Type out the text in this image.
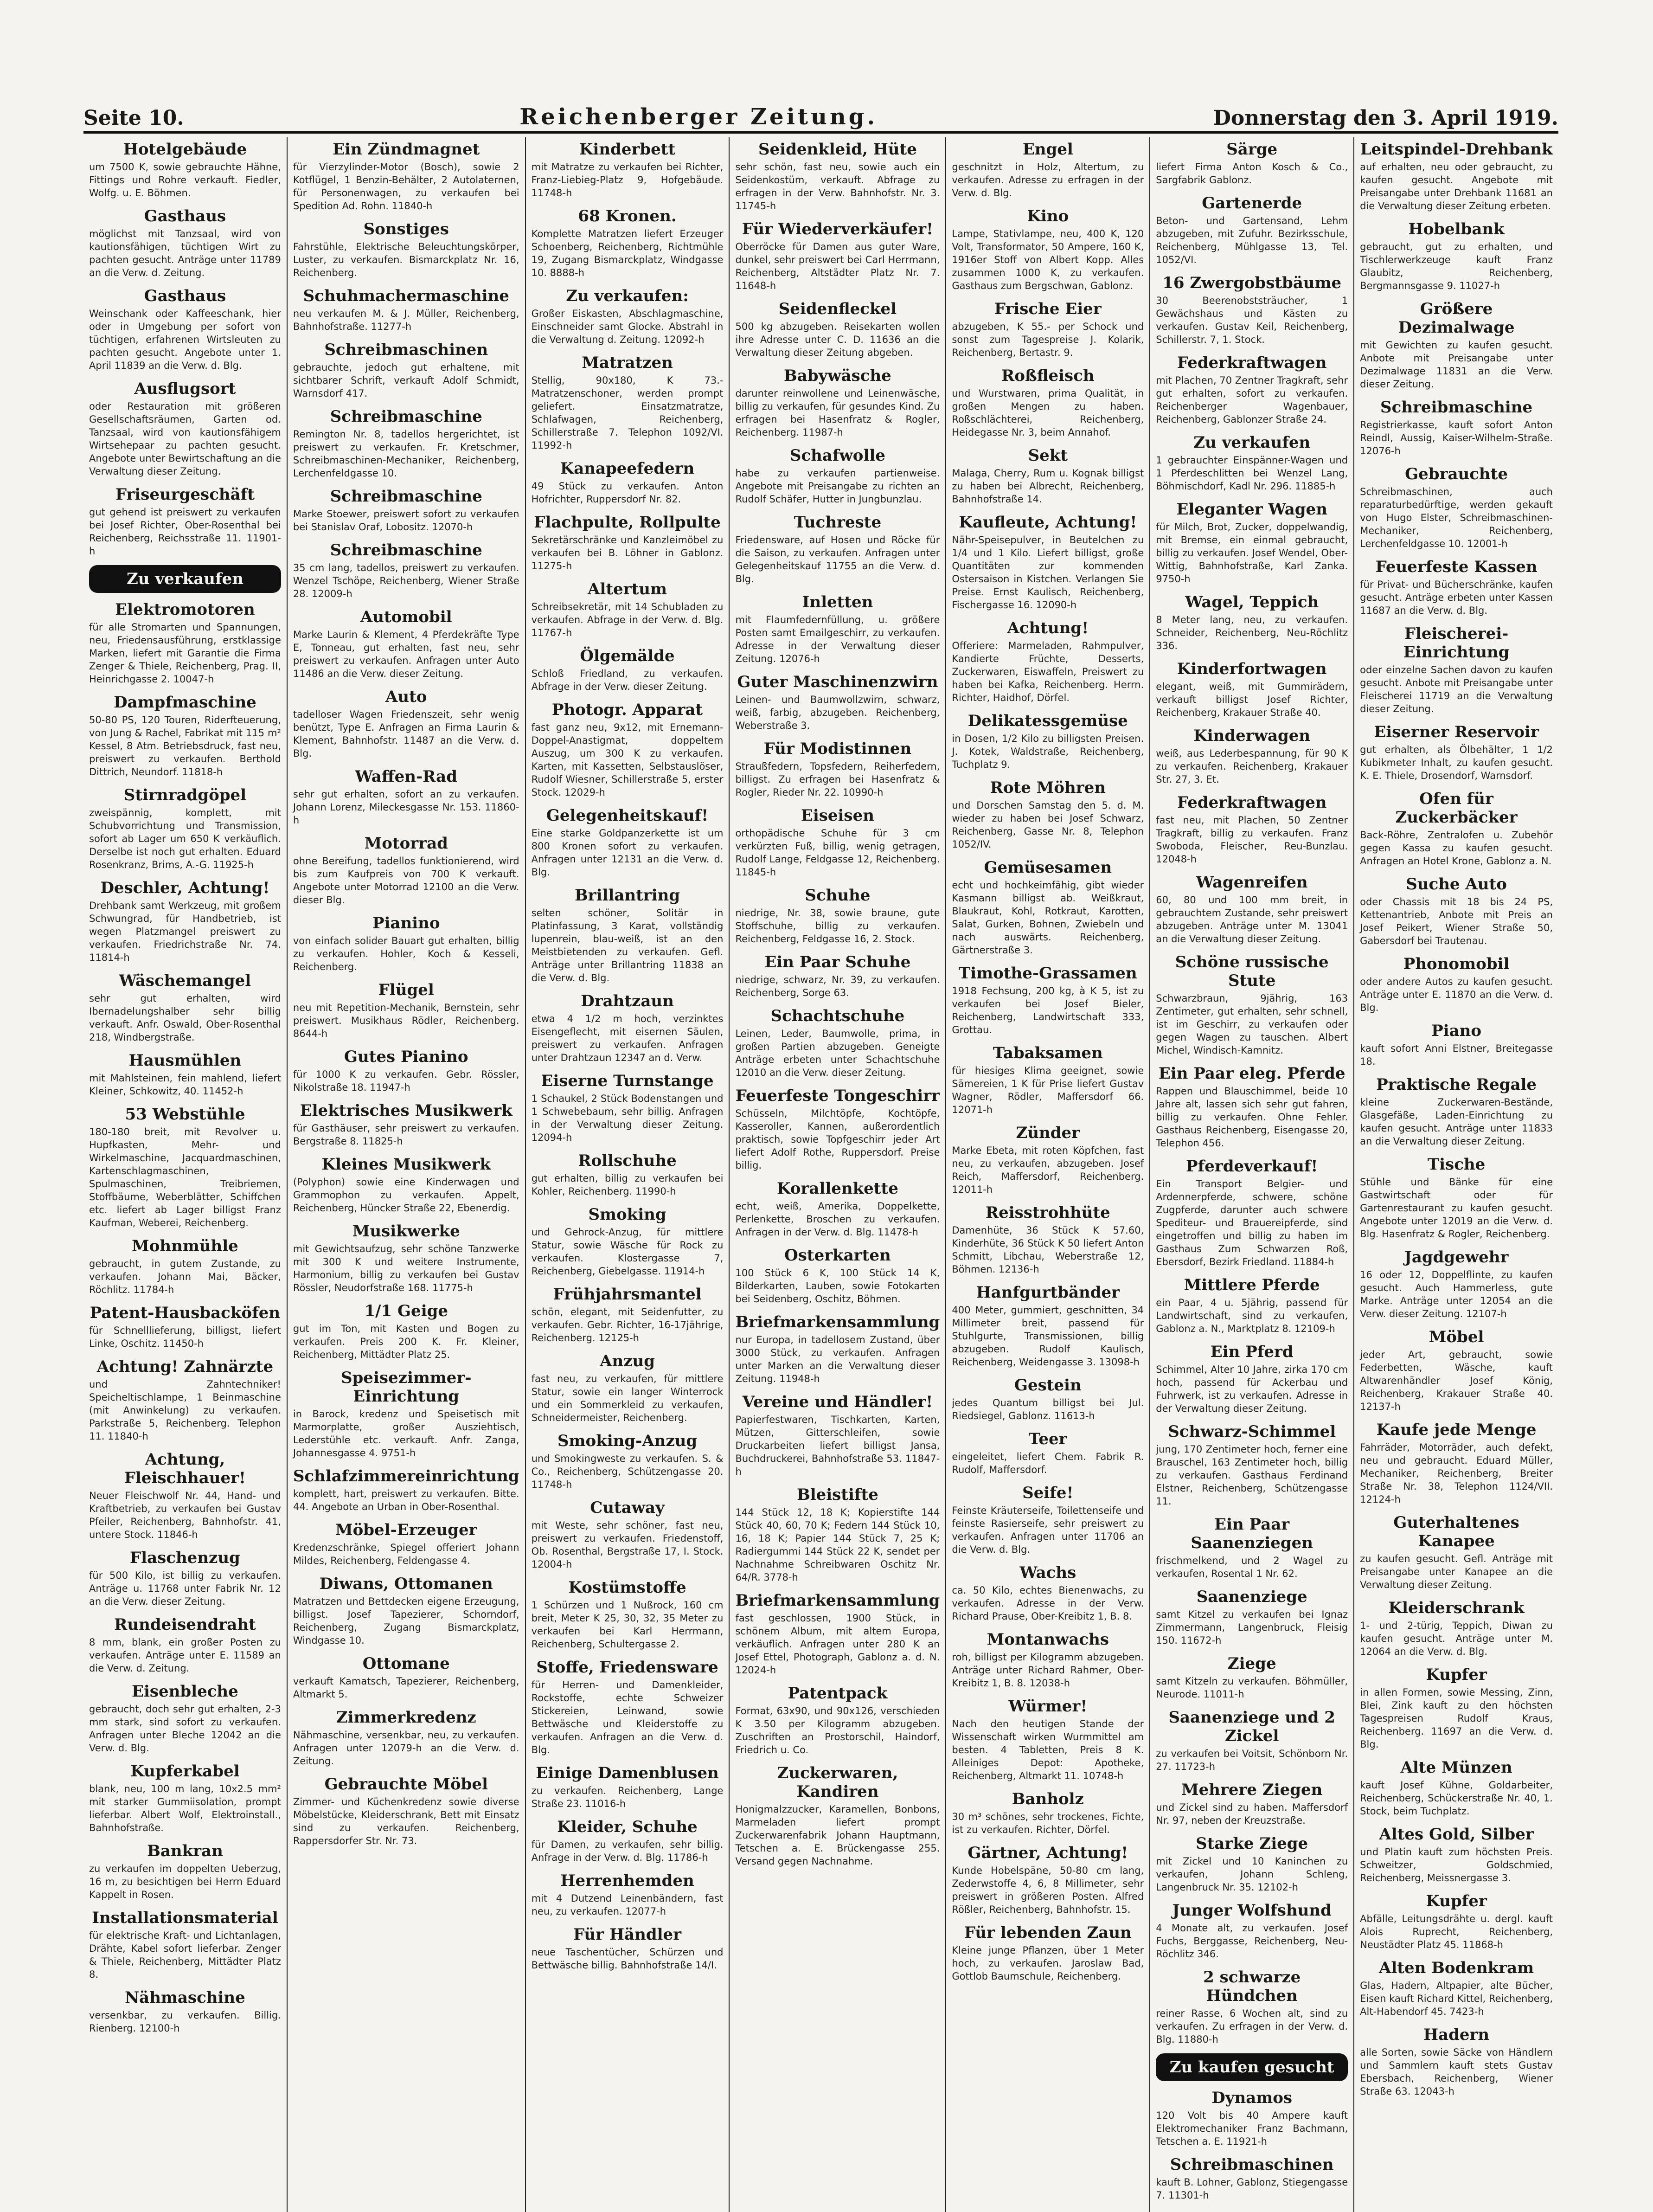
Seite 10.	Reichenberger Zeitung.	Donnerstag den 3. April 1919.
Hotelgebäude

um 7500 K, sowie gebrauchte Hähne, Fittings und Rohre verkauft. Fiedler, Wolfg. u. E. Böhmen.

Gasthaus

möglichst mit Tanzsaal, wird von kautionsfähigen, tüchtigen Wirt zu pachten gesucht. Anträge unter 11789 an die Verw. d. Zeitung.

Gasthaus

Weinschank oder Kaffeeschank, hier oder in Umgebung per sofort von tüchtigen, erfahrenen Wirtsleuten zu pachten gesucht. Angebote unter 1. April 11839 an die Verw. d. Blg.

Ausflugsort

oder Restauration mit größeren Gesellschaftsräumen, Garten od. Tanzsaal, wird von kautionsfähigem Wirtsehepaar zu pachten gesucht. Angebote unter Bewirtschaftung an die Verwaltung dieser Zeitung.

Friseurgeschäft

gut gehend ist preiswert zu verkaufen bei Josef Richter, Ober-Rosenthal bei Reichenberg, Reichsstraße 11. 11901-h

Zu verkaufen
Elektromotoren

für alle Stromarten und Spannungen, neu, Friedensausführung, erstklassige Marken, liefert mit Garantie die Firma Zenger & Thiele, Reichenberg, Prag. II, Heinrichgasse 2. 10047-h

Dampfmaschine

50-80 PS, 120 Touren, Riderfteuerung, von Jung & Rachel, Fabrikat mit 115 m² Kessel, 8 Atm. Betriebsdruck, fast neu, preiswert zu verkaufen. Berthold Dittrich, Neundorf. 11818-h

Stirnradgöpel

zweispännig, komplett, mit Schubvorrichtung und Transmission, sofort ab Lager um 650 K verkäuflich. Derselbe ist noch gut erhalten. Eduard Rosenkranz, Brims, A.-G. 11925-h

Deschler, Achtung!

Drehbank samt Werkzeug, mit großem Schwungrad, für Handbetrieb, ist wegen Platzmangel preiswert zu verkaufen. Friedrichstraße Nr. 74. 11814-h

Wäschemangel

sehr gut erhalten, wird Ibernadelungshalber sehr billig verkauft. Anfr. Oswald, Ober-Rosenthal 218, Windbergstraße.

Hausmühlen

mit Mahlsteinen, fein mahlend, liefert Kleiner, Schkowitz, 40. 11452-h

53 Webstühle

180-180 breit, mit Revolver u. Hupfkasten, Mehr- und Wirkelmaschine, Jacquardmaschinen, Kartenschlagmaschinen, Spulmaschinen, Treibriemen, Stoffbäume, Weberblätter, Schiffchen etc. liefert ab Lager billigst Franz Kaufman, Weberei, Reichenberg.

Mohnmühle

gebraucht, in gutem Zustande, zu verkaufen. Johann Mai, Bäcker, Röchlitz. 11784-h

Patent-Hausbacköfen

für Schnelllieferung, billigst, liefert Linke, Oschitz. 11450-h

Achtung! Zahnärzte

und Zahntechniker! Speicheltischlampe, 1 Beinmaschine (mit Anwinkelung) zu verkaufen. Parkstraße 5, Reichenberg. Telephon 11. 11840-h

Achtung, Fleischhauer!

Neuer Fleischwolf Nr. 44, Hand- und Kraftbetrieb, zu verkaufen bei Gustav Pfeiler, Reichenberg, Bahnhofstr. 41, untere Stock. 11846-h

Flaschenzug

für 500 Kilo, ist billig zu verkaufen. Anträge u. 11768 unter Fabrik Nr. 12 an die Verw. dieser Zeitung.

Rundeisendraht

8 mm, blank, ein großer Posten zu verkaufen. Anträge unter E. 11589 an die Verw. d. Zeitung.

Eisenbleche

gebraucht, doch sehr gut erhalten, 2-3 mm stark, sind sofort zu verkaufen. Anfragen unter Bleche 12042 an die Verw. d. Blg.

Kupferkabel

blank, neu, 100 m lang, 10x2.5 mm² mit starker Gummiisolation, prompt lieferbar. Albert Wolf, Elektroinstall., Bahnhofstraße.

Bankran

zu verkaufen im doppelten Ueberzug, 16 m, zu besichtigen bei Herrn Eduard Kappelt in Rosen.

Installationsmaterial

für elektrische Kraft- und Lichtanlagen, Drähte, Kabel sofort lieferbar. Zenger & Thiele, Reichenberg, Mittädter Platz 8.

Nähmaschine

versenkbar, zu verkaufen. Billig. Rienberg. 12100-h

Ein Zündmagnet

für Vierzylinder-Motor (Bosch), sowie 2 Kotflügel, 1 Benzin-Behälter, 2 Autolaternen, für Personenwagen, zu verkaufen bei Spedition Ad. Rohn. 11840-h

Sonstiges

Fahrstühle, Elektrische Beleuchtungskörper, Luster, zu verkaufen. Bismarckplatz Nr. 16, Reichenberg.

Schuhmachermaschine

neu verkaufen M. & J. Müller, Reichenberg, Bahnhofstraße. 11277-h

Schreibmaschinen

gebrauchte, jedoch gut erhaltene, mit sichtbarer Schrift, verkauft Adolf Schmidt, Warnsdorf 417.

Schreibmaschine

Remington Nr. 8, tadellos hergerichtet, ist preiswert zu verkaufen. Fr. Kretschmer, Schreibmaschinen-Mechaniker, Reichenberg, Lerchenfeldgasse 10.

Schreibmaschine

Marke Stoewer, preiswert sofort zu verkaufen bei Stanislav Oraf, Lobositz. 12070-h

Schreibmaschine

35 cm lang, tadellos, preiswert zu verkaufen. Wenzel Tschöpe, Reichenberg, Wiener Straße 28. 12009-h

Automobil

Marke Laurin & Klement, 4 Pferdekräfte Type E, Tonneau, gut erhalten, fast neu, sehr preiswert zu verkaufen. Anfragen unter Auto 11486 an die Verw. dieser Zeitung.

Auto

tadelloser Wagen Friedenszeit, sehr wenig benützt, Type E. Anfragen an Firma Laurin & Klement, Bahnhofstr. 11487 an die Verw. d. Blg.

Waffen-Rad

sehr gut erhalten, sofort an zu verkaufen. Johann Lorenz, Mileckesgasse Nr. 153. 11860-h

Motorrad

ohne Bereifung, tadellos funktionierend, wird bis zum Kaufpreis von 700 K verkauft. Angebote unter Motorrad 12100 an die Verw. dieser Blg.

Pianino

von einfach solider Bauart gut erhalten, billig zu verkaufen. Hohler, Koch & Kesseli, Reichenberg.

Flügel

neu mit Repetition-Mechanik, Bernstein, sehr preiswert. Musikhaus Rödler, Reichenberg. 8644-h

Gutes Pianino

für 1000 K zu verkaufen. Gebr. Rössler, Nikolstraße 18. 11947-h

Elektrisches Musikwerk

für Gasthäuser, sehr preiswert zu verkaufen. Bergstraße 8. 11825-h

Kleines Musikwerk

(Polyphon) sowie eine Kinderwagen und Grammophon zu verkaufen. Appelt, Reichenberg, Hüncker Straße 22, Ebenerdig.

Musikwerke

mit Gewichtsaufzug, sehr schöne Tanzwerke mit 300 K und weitere Instrumente, Harmonium, billig zu verkaufen bei Gustav Rössler, Neudorfstraße 168. 11775-h

1/1 Geige

gut im Ton, mit Kasten und Bogen zu verkaufen. Preis 200 K. Fr. Kleiner, Reichenberg, Mittädter Platz 25.

Speisezimmer-Einrichtung

in Barock, kredenz und Speisetisch mit Marmorplatte, großer Ausziehtisch, Lederstühle etc. verkauft. Anfr. Zanga, Johannesgasse 4. 9751-h

Schlafzimmereinrichtung

komplett, hart, preiswert zu verkaufen. Bitte. 44. Angebote an Urban in Ober-Rosenthal.

Möbel-Erzeuger

Kredenzschränke, Spiegel offeriert Johann Mildes, Reichenberg, Feldengasse 4.

Diwans, Ottomanen

Matratzen und Bettdecken eigene Erzeugung, billigst. Josef Tapezierer, Schorndorf, Reichenberg, Zugang Bismarckplatz, Windgasse 10.

Ottomane

verkauft Kamatsch, Tapezierer, Reichenberg, Altmarkt 5.

Zimmerkredenz

Nähmaschine, versenkbar, neu, zu verkaufen. Anfragen unter 12079-h an die Verw. d. Zeitung.

Gebrauchte Möbel

Zimmer- und Küchenkredenz sowie diverse Möbelstücke, Kleiderschrank, Bett mit Einsatz sind zu verkaufen. Reichenberg, Rappersdorfer Str. Nr. 73.

Kinderbett

mit Matratze zu verkaufen bei Richter, Franz-Liebieg-Platz 9, Hofgebäude. 11748-h

68 Kronen.

Komplette Matratzen liefert Erzeuger Schoenberg, Reichenberg, Richtmühle 19, Zugang Bismarckplatz, Windgasse 10. 8888-h

Zu verkaufen:

Großer Eiskasten, Abschlagmaschine, Einschneider samt Glocke. Abstrahl in die Verwaltung d. Zeitung. 12092-h

Matratzen

Stellig, 90x180, K 73.- Matratzenschoner, werden prompt geliefert. Einsatzmatratze, Schlafwagen, Reichenberg, Schillerstraße 7. Telephon 1092/VI. 11992-h

Kanapeefedern

49 Stück zu verkaufen. Anton Hofrichter, Ruppersdorf Nr. 82.

Flachpulte, Rollpulte

Sekretärschränke und Kanzleimöbel zu verkaufen bei B. Löhner in Gablonz. 11275-h

Altertum

Schreibsekretär, mit 14 Schubladen zu verkaufen. Abfrage in der Verw. d. Blg. 11767-h

Ölgemälde

Schloß Friedland, zu verkaufen. Abfrage in der Verw. dieser Zeitung.

Photogr. Apparat

fast ganz neu, 9x12, mit Ernemann-Doppel-Anastigmat, doppeltem Auszug, um 300 K zu verkaufen. Karten, mit Kassetten, Selbstauslöser, Rudolf Wiesner, Schillerstraße 5, erster Stock. 12029-h

Gelegenheitskauf!

Eine starke Goldpanzerkette ist um 800 Kronen sofort zu verkaufen. Anfragen unter 12131 an die Verw. d. Blg.

Brillantring

selten schöner, Solitär in Platinfassung, 3 Karat, vollständig lupenrein, blau-weiß, ist an den Meistbietenden zu verkaufen. Gefl. Anträge unter Brillantring 11838 an die Verw. d. Blg.

Drahtzaun

etwa 4 1/2 m hoch, verzinktes Eisengeflecht, mit eisernen Säulen, preiswert zu verkaufen. Anfragen unter Drahtzaun 12347 an d. Verw.

Eiserne Turnstange

1 Schaukel, 2 Stück Bodenstangen und 1 Schwebebaum, sehr billig. Anfragen in der Verwaltung dieser Zeitung. 12094-h

Rollschuhe

gut erhalten, billig zu verkaufen bei Kohler, Reichenberg. 11990-h

Smoking

und Gehrock-Anzug, für mittlere Statur, sowie Wäsche für Rock zu verkaufen. Klostergasse 7, Reichenberg, Giebelgasse. 11914-h

Frühjahrsmantel

schön, elegant, mit Seidenfutter, zu verkaufen. Gebr. Richter, 16-17jährige, Reichenberg. 12125-h

Anzug

fast neu, zu verkaufen, für mittlere Statur, sowie ein langer Winterrock und ein Sommerkleid zu verkaufen, Schneidermeister, Reichenberg.

Smoking-Anzug

und Smokingweste zu verkaufen. S. & Co., Reichenberg, Schützengasse 20. 11748-h

Cutaway

mit Weste, sehr schöner, fast neu, preiswert zu verkaufen. Friedenstoff, Ob. Rosenthal, Bergstraße 17, I. Stock. 12004-h

Kostümstoffe

1 Schürzen und 1 Nußrock, 160 cm breit, Meter K 25, 30, 32, 35 Meter zu verkaufen bei Karl Herrmann, Reichenberg, Schultergasse 2.

Stoffe, Friedensware

für Herren- und Damenkleider, Rockstoffe, echte Schweizer Stickereien, Leinwand, sowie Bettwäsche und Kleiderstoffe zu verkaufen. Anfragen an die Verw. d. Blg.

Einige Damenblusen

zu verkaufen. Reichenberg, Lange Straße 23. 11016-h

Kleider, Schuhe

für Damen, zu verkaufen, sehr billig. Anfrage in der Verw. d. Blg. 11786-h

Herrenhemden

mit 4 Dutzend Leinenbändern, fast neu, zu verkaufen. 12077-h

Für Händler

neue Taschentücher, Schürzen und Bettwäsche billig. Bahnhofstraße 14/I.

Seidenkleid, Hüte

sehr schön, fast neu, sowie auch ein Seidenkostüm, verkauft. Abfrage zu erfragen in der Verw. Bahnhofstr. Nr. 3. 11745-h

Für Wiederverkäufer!

Oberröcke für Damen aus guter Ware, dunkel, sehr preiswert bei Carl Herrmann, Reichenberg, Altstädter Platz Nr. 7. 11648-h

Seidenfleckel

500 kg abzugeben. Reisekarten wollen ihre Adresse unter C. D. 11636 an die Verwaltung dieser Zeitung abgeben.

Babywäsche

darunter reinwollene und Leinenwäsche, billig zu verkaufen, für gesundes Kind. Zu erfragen bei Hasenfratz & Rogler, Reichenberg. 11987-h

Schafwolle

habe zu verkaufen partienweise. Angebote mit Preisangabe zu richten an Rudolf Schäfer, Hutter in Jungbunzlau.

Tuchreste

Friedensware, auf Hosen und Röcke für die Saison, zu verkaufen. Anfragen unter Gelegenheitskauf 11755 an die Verw. d. Blg.

Inletten

mit Flaumfedernfüllung, u. größere Posten samt Emailgeschirr, zu verkaufen. Adresse in der Verwaltung dieser Zeitung. 12076-h

Guter Maschinenzwirn

Leinen- und Baumwollzwirn, schwarz, weiß, farbig, abzugeben. Reichenberg, Weberstraße 3.

Für Modistinnen

Straußfedern, Topsfedern, Reiherfedern, billigst. Zu erfragen bei Hasenfratz & Rogler, Rieder Nr. 22. 10990-h

Eiseisen

orthopädische Schuhe für 3 cm verkürzten Fuß, billig, wenig getragen, Rudolf Lange, Feldgasse 12, Reichenberg. 11845-h

Schuhe

niedrige, Nr. 38, sowie braune, gute Stoffschuhe, billig zu verkaufen. Reichenberg, Feldgasse 16, 2. Stock.

Ein Paar Schuhe

niedrige, schwarz, Nr. 39, zu verkaufen. Reichenberg, Sorge 63.

Schachtschuhe

Leinen, Leder, Baumwolle, prima, in großen Partien abzugeben. Geneigte Anträge erbeten unter Schachtschuhe 12010 an die Verw. dieser Zeitung.

Feuerfeste Tongeschirr

Schüsseln, Milchtöpfe, Kochtöpfe, Kasseroller, Kannen, außerordentlich praktisch, sowie Topfgeschirr jeder Art liefert Adolf Rothe, Ruppersdorf. Preise billig.

Korallenkette

echt, weiß, Amerika, Doppelkette, Perlenkette, Broschen zu verkaufen. Anfragen in der Verw. d. Blg. 11478-h

Osterkarten

100 Stück 6 K, 100 Stück 14 K, Bilderkarten, Lauben, sowie Fotokarten bei Seidenberg, Oschitz, Böhmen.

Briefmarkensammlung

nur Europa, in tadellosem Zustand, über 3000 Stück, zu verkaufen. Anfragen unter Marken an die Verwaltung dieser Zeitung. 11948-h

Vereine und Händler!

Papierfestwaren, Tischkarten, Karten, Mützen, Gitterschleifen, sowie Druckarbeiten liefert billigst Jansa, Buchdruckerei, Bahnhofstraße 53. 11847-h

Bleistifte

144 Stück 12, 18 K; Kopierstifte 144 Stück 40, 60, 70 K; Federn 144 Stück 10, 16, 18 K; Papier 144 Stück 7, 25 K; Radiergummi 144 Stück 22 K, sendet per Nachnahme Schreibwaren Oschitz Nr. 64/R. 3778-h

Briefmarkensammlung

fast geschlossen, 1900 Stück, in schönem Album, mit altem Europa, verkäuflich. Anfragen unter 280 K an Josef Ettel, Photograph, Gablonz a. d. N. 12024-h

Patentpack

Format, 63x90, und 90x126, verschieden K 3.50 per Kilogramm abzugeben. Zuschriften an Prostorschil, Haindorf, Friedrich u. Co.

Zuckerwaren, Kandiren

Honigmalzzucker, Karamellen, Bonbons, Marmeladen liefert prompt Zuckerwarenfabrik Johann Hauptmann, Tetschen a. E. Brückengasse 255. Versand gegen Nachnahme.

Engel

geschnitzt in Holz, Altertum, zu verkaufen. Adresse zu erfragen in der Verw. d. Blg.

Kino

Lampe, Stativlampe, neu, 400 K, 120 Volt, Transformator, 50 Ampere, 160 K, 1916er Stoff von Albert Kopp. Alles zusammen 1000 K, zu verkaufen. Gasthaus zum Bergschwan, Gablonz.

Frische Eier

abzugeben, K 55.- per Schock und sonst zum Tagespreise J. Kolarik, Reichenberg, Bertastr. 9.

Roßfleisch

und Wurstwaren, prima Qualität, in großen Mengen zu haben. Roßschlächterei, Reichenberg, Heidegasse Nr. 3, beim Annahof.

Sekt

Malaga, Cherry, Rum u. Kognak billigst zu haben bei Albrecht, Reichenberg, Bahnhofstraße 14.

Kaufleute, Achtung!

Nähr-Speisepulver, in Beutelchen zu 1/4 und 1 Kilo. Liefert billigst, große Quantitäten zur kommenden Ostersaison in Kistchen. Verlangen Sie Preise. Ernst Kaulisch, Reichenberg, Fischergasse 16. 12090-h

Achtung!

Offeriere: Marmeladen, Rahmpulver, Kandierte Früchte, Desserts, Zuckerwaren, Eiswaffeln, Preiswert zu haben bei Kafka, Reichenberg. Herrn. Richter, Haidhof, Dörfel.

Delikatessgemüse

in Dosen, 1/2 Kilo zu billigsten Preisen. J. Kotek, Waldstraße, Reichenberg, Tuchplatz 9.

Rote Möhren

und Dorschen Samstag den 5. d. M. wieder zu haben bei Josef Schwarz, Reichenberg, Gasse Nr. 8, Telephon 1052/IV.

Gemüsesamen

echt und hochkeimfähig, gibt wieder Kasmann billigst ab. Weißkraut, Blaukraut, Kohl, Rotkraut, Karotten, Salat, Gurken, Bohnen, Zwiebeln und nach auswärts. Reichenberg, Gärtnerstraße 3.

Timothe-Grassamen

1918 Fechsung, 200 kg, à K 5, ist zu verkaufen bei Josef Bieler, Reichenberg, Landwirtschaft 333, Grottau.

Tabaksamen

für hiesiges Klima geeignet, sowie Sämereien, 1 K für Prise liefert Gustav Wagner, Rödler, Maffersdorf 66. 12071-h

Zünder

Marke Ebeta, mit roten Köpfchen, fast neu, zu verkaufen, abzugeben. Josef Reich, Maffersdorf, Reichenberg. 12011-h

Reisstrohhüte

Damenhüte, 36 Stück K 57.60, Kinderhüte, 36 Stück K 50 liefert Anton Schmitt, Libchau, Weberstraße 12, Böhmen. 12136-h

Hanfgurtbänder

400 Meter, gummiert, geschnitten, 34 Millimeter breit, passend für Stuhlgurte, Transmissionen, billig abzugeben. Rudolf Kaulisch, Reichenberg, Weidengasse 3. 13098-h

Gestein

jedes Quantum billigst bei Jul. Riedsiegel, Gablonz. 11613-h

Teer

eingeleitet, liefert Chem. Fabrik R. Rudolf, Maffersdorf.

Seife!

Feinste Kräuterseife, Toilettenseife und feinste Rasierseife, sehr preiswert zu verkaufen. Anfragen unter 11706 an die Verw. d. Blg.

Wachs

ca. 50 Kilo, echtes Bienenwachs, zu verkaufen. Adresse in der Verw. Richard Prause, Ober-Kreibitz 1, B. 8.

Montanwachs

roh, billigst per Kilogramm abzugeben. Anträge unter Richard Rahmer, Ober-Kreibitz 1, B. 8. 12038-h

Würmer!

Nach den heutigen Stande der Wissenschaft wirken Wurmmittel am besten. 4 Tabletten, Preis 8 K. Alleiniges Depot: Apotheke, Reichenberg, Altmarkt 11. 10748-h

Banholz

30 m³ schönes, sehr trockenes, Fichte, ist zu verkaufen. Richter, Dörfel.

Gärtner, Achtung!

Kunde Hobelspäne, 50-80 cm lang, Zederwstoffe 4, 6, 8 Millimeter, sehr preiswert in größeren Posten. Alfred Rößler, Reichenberg, Bahnhofstr. 15.

Für lebenden Zaun

Kleine junge Pflanzen, über 1 Meter hoch, zu verkaufen. Jaroslaw Bad, Gottlob Baumschule, Reichenberg.

Särge

liefert Firma Anton Kosch & Co., Sargfabrik Gablonz.

Gartenerde

Beton- und Gartensand, Lehm abzugeben, mit Zufuhr. Bezirksschule, Reichenberg, Mühlgasse 13, Tel. 1052/VI.

16 Zwergobstbäume

30 Beerenobststräucher, 1 Gewächshaus und Kästen zu verkaufen. Gustav Keil, Reichenberg, Schillerstr. 7, 1. Stock.

Federkraftwagen

mit Plachen, 70 Zentner Tragkraft, sehr gut erhalten, sofort zu verkaufen. Reichenberger Wagenbauer, Reichenberg, Gablonzer Straße 24.

Zu verkaufen

1 gebrauchter Einspänner-Wagen und 1 Pferdeschlitten bei Wenzel Lang, Böhmischdorf, Kadl Nr. 296. 11885-h

Eleganter Wagen

für Milch, Brot, Zucker, doppelwandig, mit Bremse, ein einmal gebraucht, billig zu verkaufen. Josef Wendel, Ober-Wittig, Bahnhofstraße, Karl Zanka. 9750-h

Wagel, Teppich

8 Meter lang, neu, zu verkaufen. Schneider, Reichenberg, Neu-Röchlitz 336.

Kinderfortwagen

elegant, weiß, mit Gummirädern, verkauft billigst Josef Richter, Reichenberg, Krakauer Straße 40.

Kinderwagen

weiß, aus Lederbespannung, für 90 K zu verkaufen. Reichenberg, Krakauer Str. 27, 3. Et.

Federkraftwagen

fast neu, mit Plachen, 50 Zentner Tragkraft, billig zu verkaufen. Franz Swoboda, Fleischer, Reu-Bunzlau. 12048-h

Wagenreifen

60, 80 und 100 mm breit, in gebrauchtem Zustande, sehr preiswert abzugeben. Anträge unter M. 13041 an die Verwaltung dieser Zeitung.

Schöne russische Stute

Schwarzbraun, 9jährig, 163 Zentimeter, gut erhalten, sehr schnell, ist im Geschirr, zu verkaufen oder gegen Wagen zu tauschen. Albert Michel, Windisch-Kamnitz.

Ein Paar eleg. Pferde

Rappen und Blauschimmel, beide 10 Jahre alt, lassen sich sehr gut fahren, billig zu verkaufen. Ohne Fehler. Gasthaus Reichenberg, Eisengasse 20, Telephon 456.

Pferdeverkauf!

Ein Transport Belgier- und Ardennerpferde, schwere, schöne Zugpferde, darunter auch schwere Spediteur- und Brauereipferde, sind eingetroffen und billig zu haben im Gasthaus Zum Schwarzen Roß, Ebersdorf, Bezirk Friedland. 11884-h

Mittlere Pferde

ein Paar, 4 u. 5jährig, passend für Landwirtschaft, sind zu verkaufen, Gablonz a. N., Marktplatz 8. 12109-h

Ein Pferd

Schimmel, Alter 10 Jahre, zirka 170 cm hoch, passend für Ackerbau und Fuhrwerk, ist zu verkaufen. Adresse in der Verwaltung dieser Zeitung.

Schwarz-Schimmel

jung, 170 Zentimeter hoch, ferner eine Brauschel, 163 Zentimeter hoch, billig zu verkaufen. Gasthaus Ferdinand Elstner, Reichenberg, Schützengasse 11.

Ein Paar Saanenziegen

frischmelkend, und 2 Wagel zu verkaufen, Rosental 1 Nr. 62.

Saanenziege

samt Kitzel zu verkaufen bei Ignaz Zimmermann, Langenbruck, Fleisig 150. 11672-h

Ziege

samt Kitzeln zu verkaufen. Böhmüller, Neurode. 11011-h

Saanenziege und 2 Zickel

zu verkaufen bei Voitsit, Schönborn Nr. 27. 11723-h

Mehrere Ziegen

und Zickel sind zu haben. Maffersdorf Nr. 97, neben der Kreuzstraße.

Starke Ziege

mit Zickel und 10 Kaninchen zu verkaufen, Johann Schleng, Langenbruck Nr. 35. 12102-h

Junger Wolfshund

4 Monate alt, zu verkaufen. Josef Fuchs, Berggasse, Reichenberg, Neu-Röchlitz 346.

2 schwarze Hündchen

reiner Rasse, 6 Wochen alt, sind zu verkaufen. Zu erfragen in der Verw. d. Blg. 11880-h

Zu kaufen gesucht
Dynamos

120 Volt bis 40 Ampere kauft Elektromechaniker Franz Bachmann, Tetschen a. E. 11921-h

Schreibmaschinen

kauft B. Lohner, Gablonz, Stiegengasse 7. 11301-h

Leitspindel-Drehbank

auf erhalten, neu oder gebraucht, zu kaufen gesucht. Angebote mit Preisangabe unter Drehbank 11681 an die Verwaltung dieser Zeitung erbeten.

Hobelbank

gebraucht, gut zu erhalten, und Tischlerwerkzeuge kauft Franz Glaubitz, Reichenberg, Bergmannsgasse 9. 11027-h

Größere Dezimalwage

mit Gewichten zu kaufen gesucht. Anbote mit Preisangabe unter Dezimalwage 11831 an die Verw. dieser Zeitung.

Schreibmaschine

Registrierkasse, kauft sofort Anton Reindl, Aussig, Kaiser-Wilhelm-Straße. 12076-h

Gebrauchte

Schreibmaschinen, auch reparaturbedürftige, werden gekauft von Hugo Elster, Schreibmaschinen-Mechaniker, Reichenberg, Lerchenfeldgasse 10. 12001-h

Feuerfeste Kassen

für Privat- und Bücherschränke, kaufen gesucht. Anträge erbeten unter Kassen 11687 an die Verw. d. Blg.

Fleischerei-Einrichtung

oder einzelne Sachen davon zu kaufen gesucht. Anbote mit Preisangabe unter Fleischerei 11719 an die Verwaltung dieser Zeitung.

Eiserner Reservoir

gut erhalten, als Ölbehälter, 1 1/2 Kubikmeter Inhalt, zu kaufen gesucht. K. E. Thiele, Drosendorf, Warnsdorf.

Ofen für Zuckerbäcker

Back-Röhre, Zentralofen u. Zubehör gegen Kassa zu kaufen gesucht. Anfragen an Hotel Krone, Gablonz a. N.

Suche Auto

oder Chassis mit 18 bis 24 PS, Kettenantrieb, Anbote mit Preis an Josef Peikert, Wiener Straße 50, Gabersdorf bei Trautenau.

Phonomobil

oder andere Autos zu kaufen gesucht. Anträge unter E. 11870 an die Verw. d. Blg.

Piano

kauft sofort Anni Elstner, Breitegasse 18.

Praktische Regale

kleine Zuckerwaren-Bestände, Glasgefäße, Laden-Einrichtung zu kaufen gesucht. Anträge unter 11833 an die Verwaltung dieser Zeitung.

Tische

Stühle und Bänke für eine Gastwirtschaft oder für Gartenrestaurant zu kaufen gesucht. Angebote unter 12019 an die Verw. d. Blg. Hasenfratz & Rogler, Reichenberg.

Jagdgewehr

16 oder 12, Doppelflinte, zu kaufen gesucht. Auch Hammerless, gute Marke. Anträge unter 12054 an die Verw. dieser Zeitung. 12107-h

Möbel

jeder Art, gebraucht, sowie Federbetten, Wäsche, kauft Altwarenhändler Josef König, Reichenberg, Krakauer Straße 40. 12137-h

Kaufe jede Menge

Fahrräder, Motorräder, auch defekt, neu und gebraucht. Eduard Müller, Mechaniker, Reichenberg, Breiter Straße Nr. 38, Telephon 1124/VII. 12124-h

Guterhaltenes Kanapee

zu kaufen gesucht. Gefl. Anträge mit Preisangabe unter Kanapee an die Verwaltung dieser Zeitung.

Kleiderschrank

1- und 2-türig, Teppich, Diwan zu kaufen gesucht. Anträge unter M. 12064 an die Verw. d. Blg.

Kupfer

in allen Formen, sowie Messing, Zinn, Blei, Zink kauft zu den höchsten Tagespreisen Rudolf Kraus, Reichenberg. 11697 an die Verw. d. Blg.

Alte Münzen

kauft Josef Kühne, Goldarbeiter, Reichenberg, Schückerstraße Nr. 40, 1. Stock, beim Tuchplatz.

Altes Gold, Silber

und Platin kauft zum höchsten Preis. Schweitzer, Goldschmied, Reichenberg, Meissnergasse 3.

Kupfer

Abfälle, Leitungsdrähte u. dergl. kauft Alois Ruprecht, Reichenberg, Neustädter Platz 45. 11868-h

Alten Bodenkram

Glas, Hadern, Altpapier, alte Bücher, Eisen kauft Richard Kittel, Reichenberg, Alt-Habendorf 45. 7423-h

Hadern

alle Sorten, sowie Säcke von Händlern und Sammlern kauft stets Gustav Ebersbach, Reichenberg, Wiener Straße 63. 12043-h
